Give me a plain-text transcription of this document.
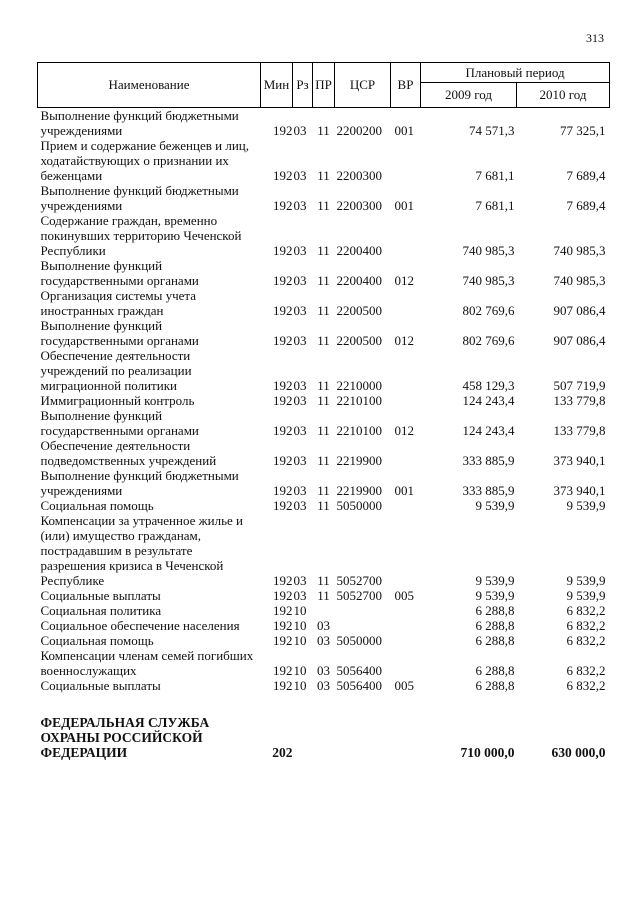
313
Наименование	Мин	Рз	ПР	ЦСР	ВР	Плановый период	
						2009 год	2010 год
Выполнение функций бюджетными учреждениями	192	03	11	2200200	001	74 571,3	77 325,1
Прием и содержание беженцев и лиц, ходатайствующих о признании их беженцами	192	03	11	2200300		7 681,1	7 689,4
Выполнение функций бюджетными учреждениями	192	03	11	2200300	001	7 681,1	7 689,4
Содержание граждан, временно покинувших территорию Чеченской Республики	192	03	11	2200400		740 985,3	740 985,3
Выполнение функций государственными органами	192	03	11	2200400	012	740 985,3	740 985,3
Организация системы учета иностранных граждан	192	03	11	2200500		802 769,6	907 086,4
Выполнение функций государственными органами	192	03	11	2200500	012	802 769,6	907 086,4
Обеспечение деятельности учреждений по реализации миграционной политики	192	03	11	2210000		458 129,3	507 719,9
Иммиграционный контроль	192	03	11	2210100		124 243,4	133 779,8
Выполнение функций государственными органами	192	03	11	2210100	012	124 243,4	133 779,8
Обеспечение деятельности подведомственных учреждений	192	03	11	2219900		333 885,9	373 940,1
Выполнение функций бюджетными учреждениями	192	03	11	2219900	001	333 885,9	373 940,1
Социальная помощь	192	03	11	5050000		9 539,9	9 539,9
Компенсации за утраченное жилье и (или) имущество гражданам, пострадавшим в результате разрешения кризиса в Чеченской Республике	192	03	11	5052700		9 539,9	9 539,9
Социальные выплаты	192	03	11	5052700	005	9 539,9	9 539,9
Социальная политика	192	10				6 288,8	6 832,2
Социальное обеспечение населения	192	10	03			6 288,8	6 832,2
Социальная помощь	192	10	03	5050000		6 288,8	6 832,2
Компенсации членам семей погибших военнослужащих	192	10	03	5056400		6 288,8	6 832,2
Социальные выплаты	192	10	03	5056400	005	6 288,8	6 832,2

ФЕДЕРАЛЬНАЯ СЛУЖБА ОХРАНЫ РОССИЙСКОЙ ФЕДЕРАЦИИ	202					710 000,0	630 000,0
